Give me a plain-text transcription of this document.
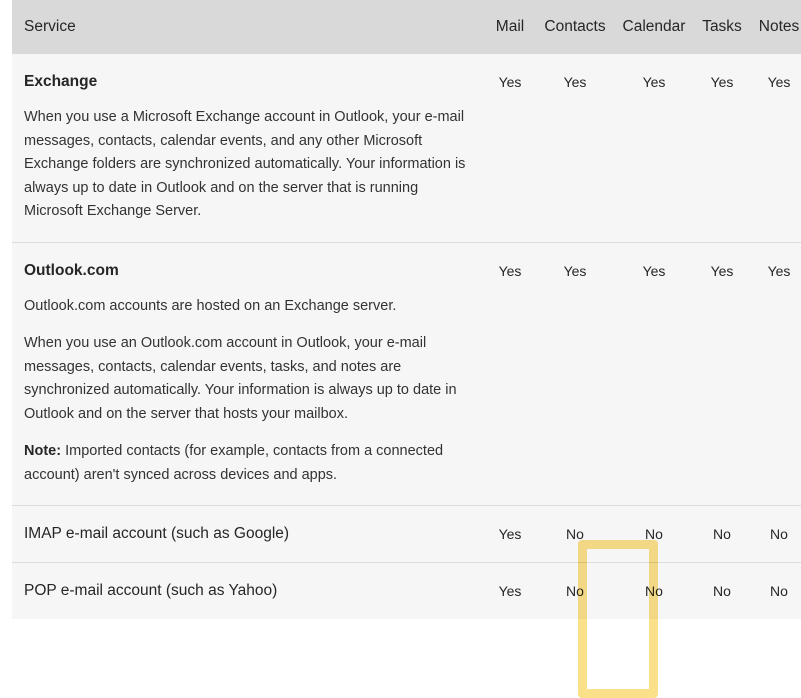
Service	Mail	Contacts	Calendar	Tasks	Notes

Exchange

When you use a Microsoft Exchange account in Outlook, your e-mail messages, contacts, calendar events, and any other Microsoft Exchange folders are synchronized automatically. Your information is always up to date in Outlook and on the server that is running Microsoft Exchange Server.	Yes	Yes	Yes	Yes	Yes

Outlook.com

Outlook.com accounts are hosted on an Exchange server.

When you use an Outlook.com account in Outlook, your e-mail messages, contacts, calendar events, tasks, and notes are synchronized automatically. Your information is always up to date in Outlook and on the server that hosts your mailbox.

Note: Imported contacts (for example, contacts from a connected account) aren't synced across devices and apps.	Yes	Yes	Yes	Yes	Yes

IMAP e-mail account (such as Google)	Yes	No	No	No	No

POP e-mail account (such as Yahoo)	Yes	No	No	No	No
